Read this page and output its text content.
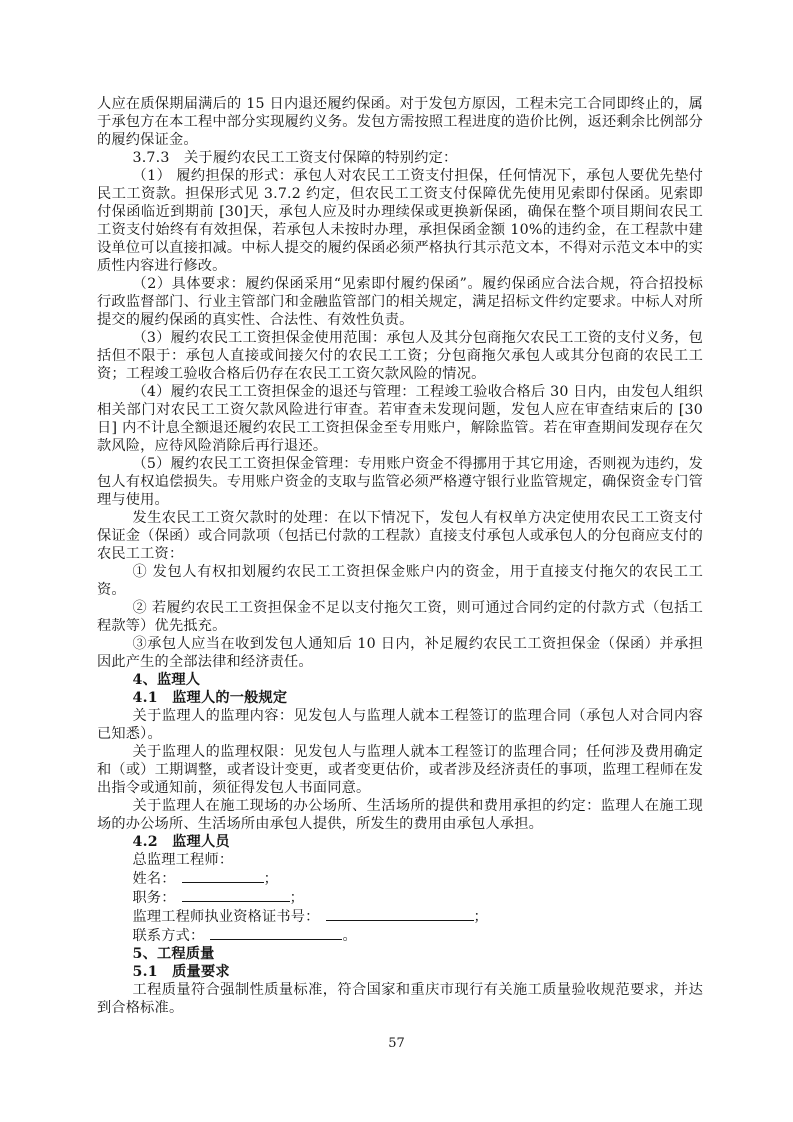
人应在质保期届满后的 15 日内退还履约保函。对于发包方原因，工程未完工合同即终止的，属于承包方在本工程中部分实现履约义务。发包方需按照工程进度的造价比例，返还剩余比例部分的履约保证金。

3.7.3　关于履约农民工工资支付保障的特别约定：

（1） 履约担保的形式：承包人对农民工工资支付担保，任何情况下，承包人要优先垫付民工工资款。担保形式见 3.7.2 约定，但农民工工资支付保障优先使用见索即付保函。见索即付保函临近到期前 [30]天，承包人应及时办理续保或更换新保函，确保在整个项目期间农民工工资支付始终有有效担保，若承包人未按时办理，承担保函金额 10%的违约金，在工程款中建设单位可以直接扣减。中标人提交的履约保函必须严格执行其示范文本，不得对示范文本中的实质性内容进行修改。

（2）具体要求：履约保函采用“见索即付履约保函”。履约保函应合法合规，符合招投标行政监督部门、行业主管部门和金融监管部门的相关规定，满足招标文件约定要求。中标人对所提交的履约保函的真实性、合法性、有效性负责。

（3）履约农民工工资担保金使用范围：承包人及其分包商拖欠农民工工资的支付义务，包括但不限于：承包人直接或间接欠付的农民工工资；分包商拖欠承包人或其分包商的农民工工资；工程竣工验收合格后仍存在农民工工资欠款风险的情况。

（4）履约农民工工资担保金的退还与管理：工程竣工验收合格后 30 日内，由发包人组织相关部门对农民工工资欠款风险进行审查。若审查未发现问题，发包人应在审查结束后的 [30日] 内不计息全额退还履约农民工工资担保金至专用账户，解除监管。若在审查期间发现存在欠款风险，应待风险消除后再行退还。

（5）履约农民工工资担保金管理：专用账户资金不得挪用于其它用途，否则视为违约，发包人有权追偿损失。专用账户资金的支取与监管必须严格遵守银行业监管规定，确保资金专门管理与使用。

发生农民工工资欠款时的处理：在以下情况下，发包人有权单方决定使用农民工工资支付保证金（保函）或合同款项（包括已付款的工程款）直接支付承包人或承包人的分包商应支付的农民工工资：

① 发包人有权扣划履约农民工工资担保金账户内的资金，用于直接支付拖欠的农民工工资。

② 若履约农民工工资担保金不足以支付拖欠工资，则可通过合同约定的付款方式（包括工程款等）优先抵充。

③承包人应当在收到发包人通知后 10 日内，补足履约农民工工资担保金（保函）并承担因此产生的全部法律和经济责任。

4、监理人

4.1　监理人的一般规定

关于监理人的监理内容：见发包人与监理人就本工程签订的监理合同（承包人对合同内容已知悉）。

关于监理人的监理权限：见发包人与监理人就本工程签订的监理合同；任何涉及费用确定和（或）工期调整，或者设计变更，或者变更估价，或者涉及经济责任的事项，监理工程师在发出指令或通知前，须征得发包人书面同意。

关于监理人在施工现场的办公场所、生活场所的提供和费用承担的约定：监理人在施工现场的办公场所、生活场所由承包人提供，所发生的费用由承包人承担。

4.2　监理人员

总监理工程师：

姓名：	；

职务：	；

监理工程师执业资格证书号：	；

联系方式：	。

5、工程质量

5.1　质量要求

工程质量符合强制性质量标准，符合国家和重庆市现行有关施工质量验收规范要求，并达到合格标准。

57
